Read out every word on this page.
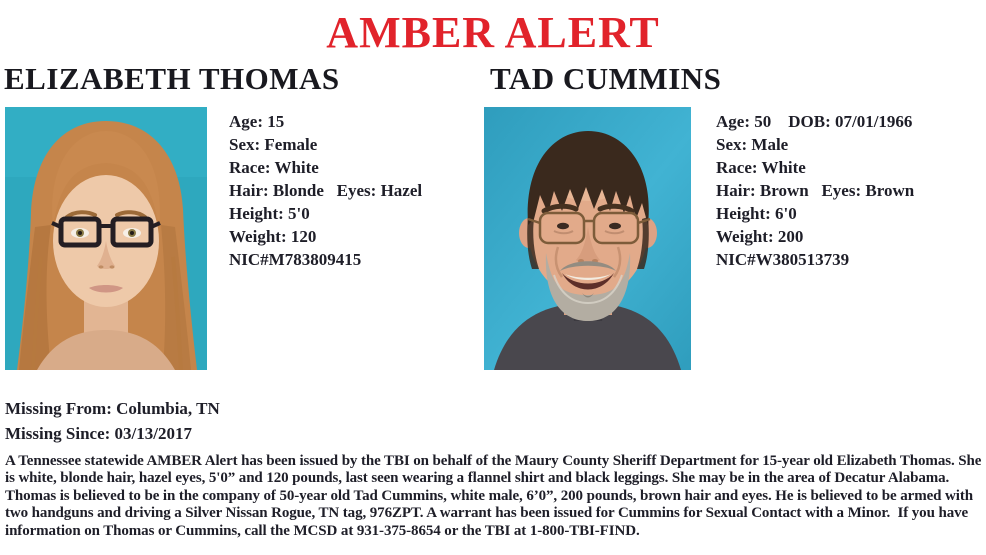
AMBER ALERT
ELIZABETH THOMAS
Age: 15
Sex: Female
Race: White
Hair: Blonde   Eyes: Hazel
Height: 5'0
Weight: 120
NIC#M783809415
TAD CUMMINS
Age: 50    DOB: 07/01/1966
Sex: Male
Race: White
Hair: Brown   Eyes: Brown
Height: 6'0
Weight: 200
NIC#W380513739

Missing From: Columbia, TN

Missing Since: 03/13/2017

A Tennessee statewide AMBER Alert has been issued by the TBI on behalf of the Maury County Sheriff Department for 15-year old Elizabeth Thomas. She is white, blonde hair, hazel eyes, 5'0” and 120 pounds, last seen wearing a flannel shirt and black leggings. She may be in the area of Decatur Alabama. Thomas is believed to be in the company of 50-year old Tad Cummins, white male, 6’0”, 200 pounds, brown hair and eyes. He is believed to be armed with two handguns and driving a Silver Nissan Rogue, TN tag, 976ZPT. A warrant has been issued for Cummins for Sexual Contact with a Minor.  If you have information on Thomas or Cummins, call the MCSD at 931-375-8654 or the TBI at 1-800-TBI-FIND.
